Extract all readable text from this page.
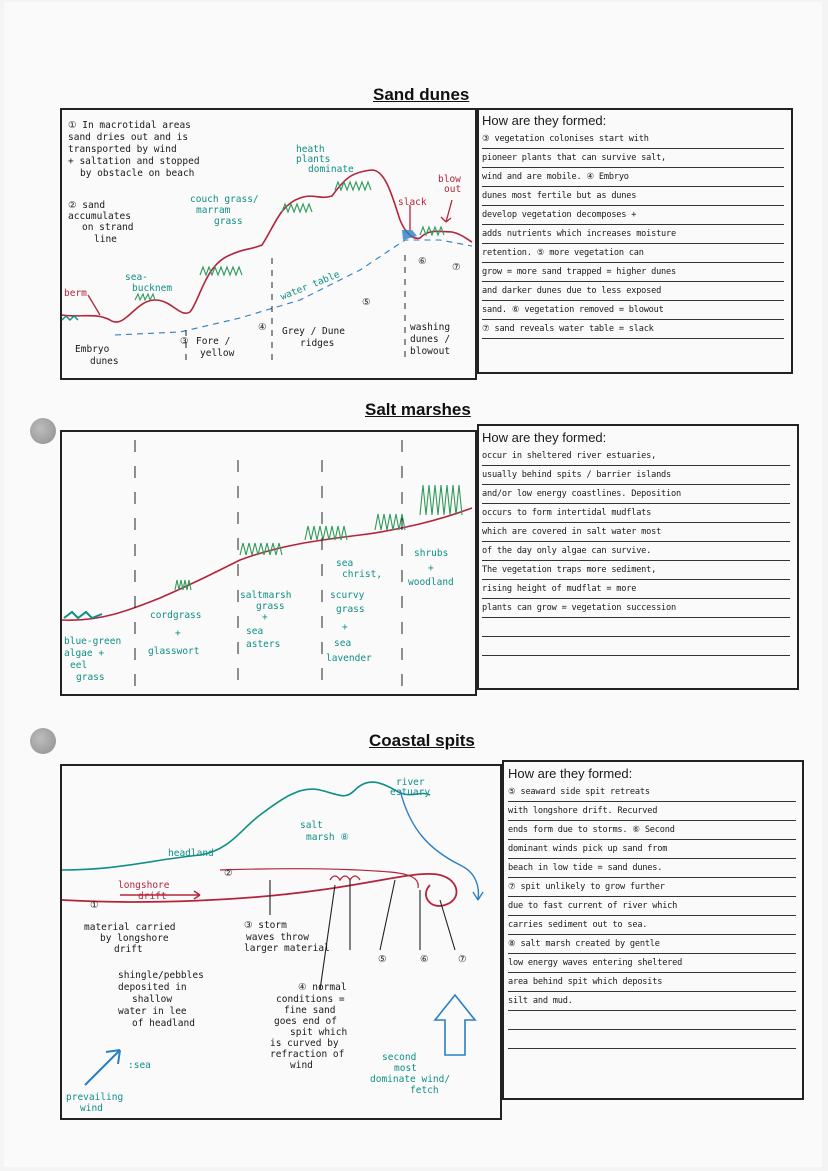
Sand dunes
How are they formed:
③ vegetation colonises start with
pioneer plants that can survive salt,
wind and are mobile. ④ Embryo
dunes most fertile but as dunes
develop vegetation decomposes +
adds nutrients which increases moisture
retention. ⑤ more vegetation can
grow = more sand trapped = higher dunes
and darker dunes due to less exposed
sand. ⑥ vegetation removed = blowout
⑦ sand reveals water table = slack
① In macrotidal areas
sand dries out and is
transported by wind
+ saltation and stopped
by obstacle on beach
② sand
accumulates
on strand
line
couch grass/
marram
grass
heath
plants
dominate
slack
blow
out
berm
sea-
bucknem	water table
Embryo
dunes
Fore /
yellow
Grey / Dune
ridges
washing
dunes /
blowout
③
④
⑤
⑥
⑦
Salt marshes
How are they formed:
occur in sheltered river estuaries,
usually behind spits / barrier islands
and/or low energy coastlines. Deposition
occurs to form intertidal mudflats
which are covered in salt water most
of the day only algae can survive.
The vegetation traps more sediment,
rising height of mudflat = more
plants can grow = vegetation succession
blue-green
algae +
eel
grass
cordgrass
+
glasswort
saltmarsh
grass
+
sea
asters
sea
christ,
scurvy
grass
+
sea
lavender
shrubs
+
woodland
Coastal spits
How are they formed:
⑤ seaward side spit retreats
with longshore drift. Recurved
ends form due to storms. ⑥ Second
dominant winds pick up sand from
beach in low tide = sand dunes.
⑦ spit unlikely to grow further
due to fast current of river which
carries sediment out to sea.
⑧ salt marsh created by gentle
low energy waves entering sheltered
area behind spit which deposits
silt and mud.
river
estuary
salt
marsh ⑧
headland
longshore
drift
①
material carried
by longshore
drift
②
③ storm
waves throw
larger material
shingle/pebbles
deposited in
shallow
water in lee
of headland
④ normal
conditions =
fine sand
goes end of
spit which
is curved by
refraction of
wind
⑤	⑥	⑦
second
most
dominate wind/
fetch
prevailing
wind
:sea
